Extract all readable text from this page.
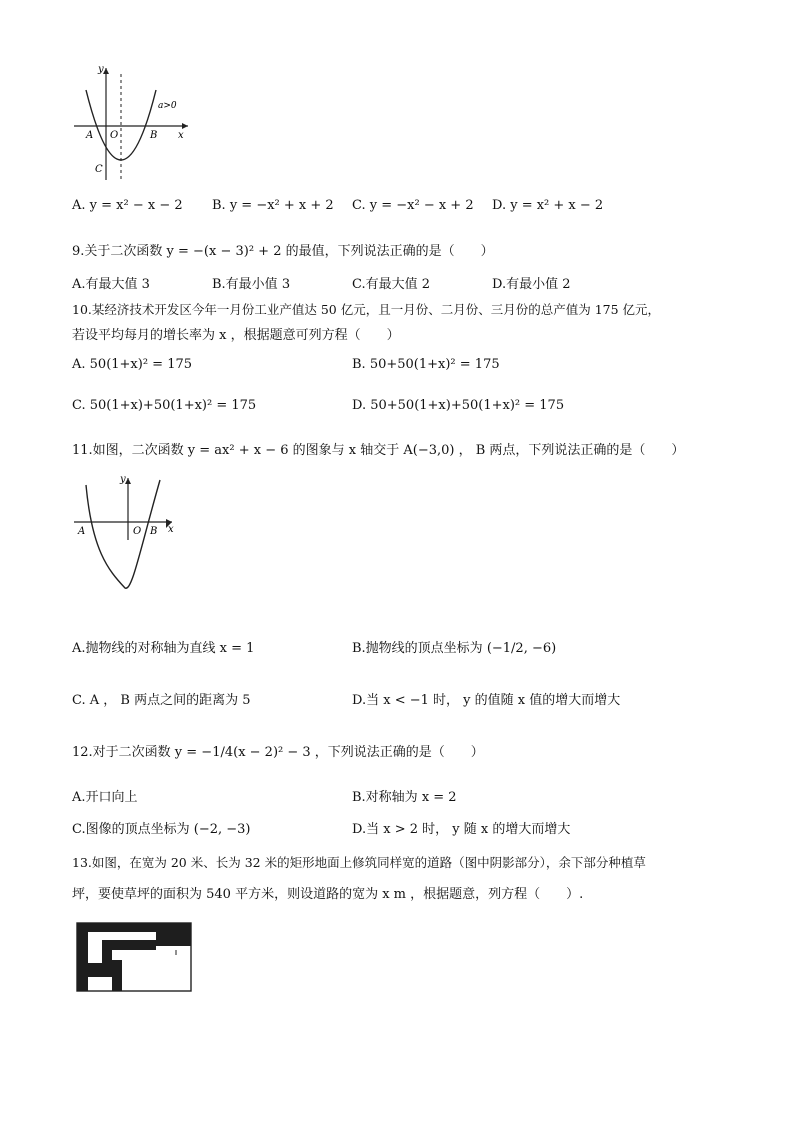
y
x
A O	B
C
a>0
A. y = x² − x − 2 B. y = −x² + x + 2 C. y = −x² − x + 2 D. y = x² + x − 2
9.关于二次函数 y = −(x − 3)² + 2 的最值，下列说法正确的是（　　）
A.有最大值 3	B.有最小值 3	C.有最大值 2	D.有最小值 2
10.某经济技术开发区今年一月份工业产值达 50 亿元，且一月份、二月份、三月份的总产值为 175 亿元，
若设平均每月的增长率为 x ，根据题意可列方程（　　）
A. 50(1+x)² = 175	B. 50+50(1+x)² = 175
C. 50(1+x)+50(1+x)² = 175	D. 50+50(1+x)+50(1+x)² = 175
11.如图，二次函数 y = ax² + x − 6 的图象与 x 轴交于 A(−3,0) ， B 两点，下列说法正确的是（　　）
y
x
A	O B
A.抛物线的对称轴为直线 x = 1	B.抛物线的顶点坐标为 (−1/2, −6)
C. A ， B 两点之间的距离为 5	D.当 x < −1 时， y 的值随 x 值的增大而增大
12.对于二次函数 y = −1/4(x − 2)² − 3 ，下列说法正确的是（　　）
A.开口向上	B.对称轴为 x = 2
C.图像的顶点坐标为 (−2, −3)	D.当 x > 2 时， y 随 x 的增大而增大
13.如图，在宽为 20 米、长为 32 米的矩形地面上修筑同样宽的道路（图中阴影部分），余下部分种植草
坪，要使草坪的面积为 540 平方米，则设道路的宽为 x m ，根据题意，列方程（　　）.
